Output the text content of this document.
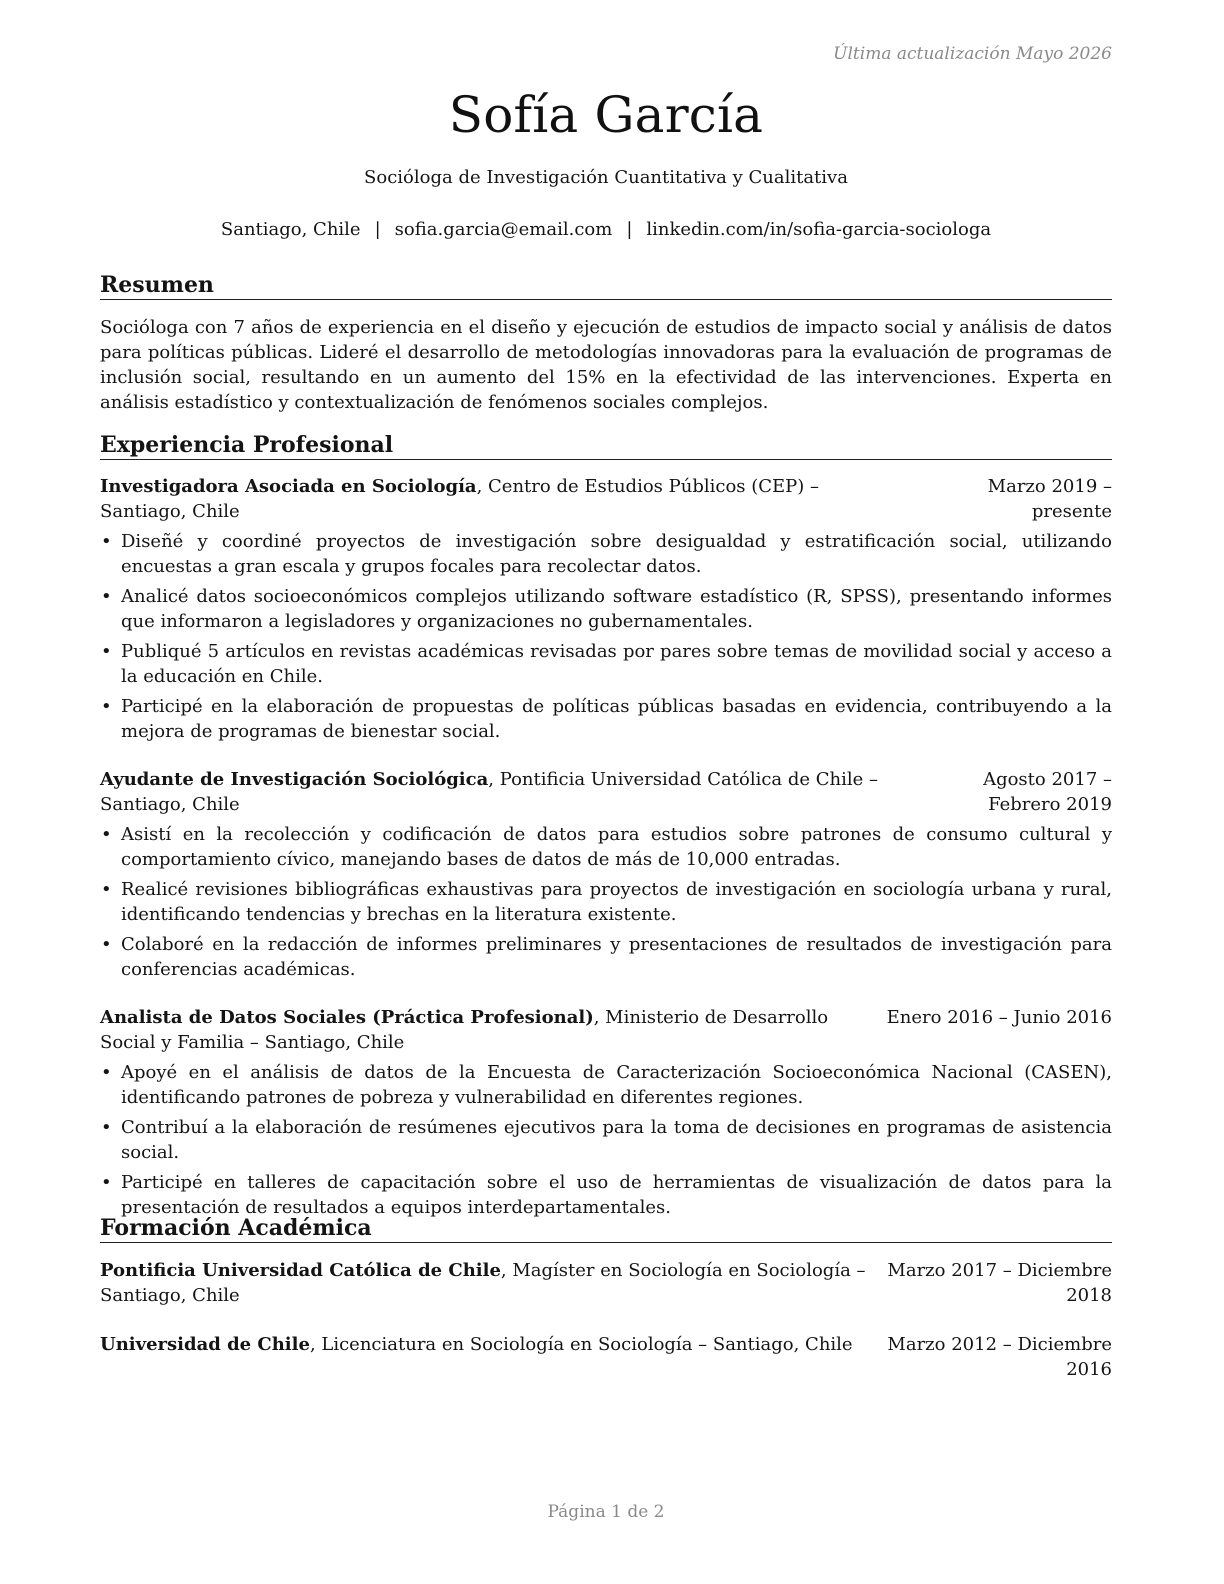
Última actualización Mayo 2026
Sofía García
Socióloga de Investigación Cuantitativa y Cualitativa
Santiago, Chile | sofia.garcia@email.com | linkedin.com/in/sofia-garcia-sociologa
Resumen
Socióloga con 7 años de experiencia en el diseño y ejecución de estudios de impacto social y análisis de datos para políticas públicas. Lideré el desarrollo de metodologías innovadoras para la evaluación de programas de inclusión social, resultando en un aumento del 15% en la efectividad de las intervenciones. Experta en análisis estadístico y contextualización de fenómenos sociales complejos.
Experiencia Profesional
Marzo 2019 – presente
Investigadora Asociada en Sociología, Centro de Estudios Públicos (CEP) – Santiago, Chile
• Diseñé y coordiné proyectos de investigación sobre desigualdad y estratificación social, utilizando encuestas a gran escala y grupos focales para recolectar datos.
• Analicé datos socioeconómicos complejos utilizando software estadístico (R, SPSS), presentando informes que informaron a legisladores y organizaciones no gubernamentales.
• Publiqué 5 artículos en revistas académicas revisadas por pares sobre temas de movilidad social y acceso a la educación en Chile.
• Participé en la elaboración de propuestas de políticas públicas basadas en evidencia, contribuyendo a la mejora de programas de bienestar social.
Agosto 2017 – Febrero 2019
Ayudante de Investigación Sociológica, Pontificia Universidad Católica de Chile – Santiago, Chile
• Asistí en la recolección y codificación de datos para estudios sobre patrones de consumo cultural y comportamiento cívico, manejando bases de datos de más de 10,000 entradas.
• Realicé revisiones bibliográficas exhaustivas para proyectos de investigación en sociología urbana y rural, identificando tendencias y brechas en la literatura existente.
• Colaboré en la redacción de informes preliminares y presentaciones de resultados de investigación para conferencias académicas.
Enero 2016 – Junio 2016
Analista de Datos Sociales (Práctica Profesional), Ministerio de Desarrollo Social y Familia – Santiago, Chile
• Apoyé en el análisis de datos de la Encuesta de Caracterización Socioeconómica Nacional (CASEN), identificando patrones de pobreza y vulnerabilidad en diferentes regiones.
• Contribuí a la elaboración de resúmenes ejecutivos para la toma de decisiones en programas de asistencia social.
• Participé en talleres de capacitación sobre el uso de herramientas de visualización de datos para la presentación de resultados a equipos interdepartamentales.
Formación Académica
Marzo 2017 – Diciembre 2018
Pontificia Universidad Católica de Chile, Magíster en Sociología en Sociología – Santiago, Chile
Marzo 2012 – Diciembre 2016
Universidad de Chile, Licenciatura en Sociología en Sociología – Santiago, Chile
Página 1 de 2
